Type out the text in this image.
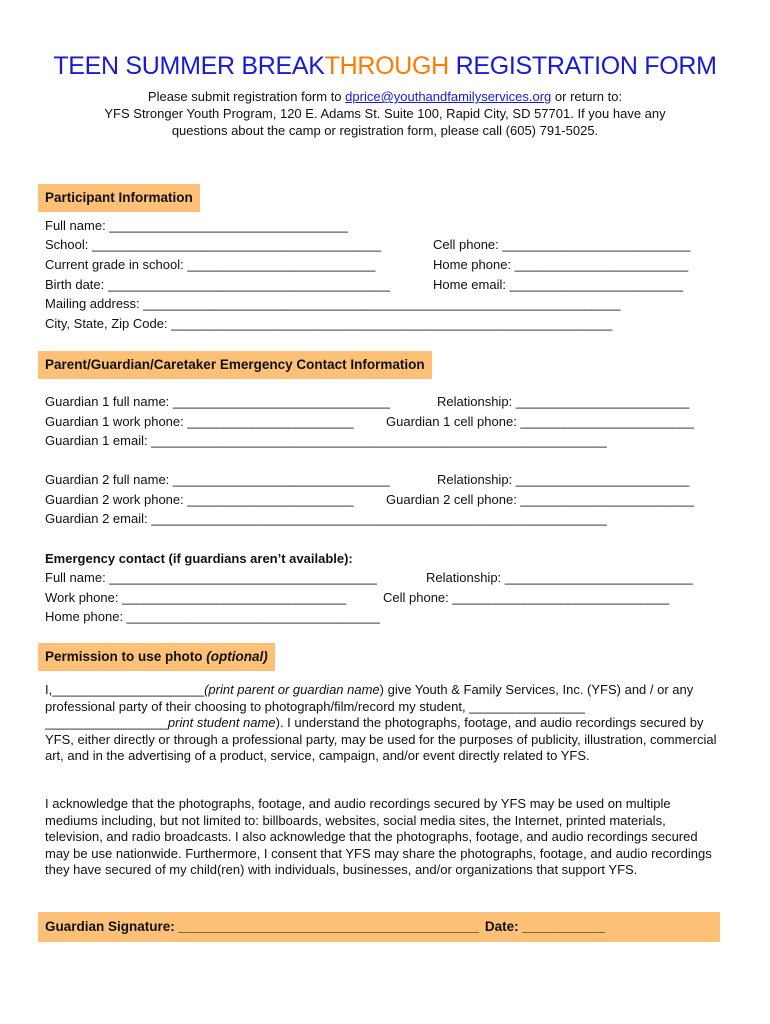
TEEN SUMMER BREAKTHROUGH REGISTRATION FORM
Please submit registration form to dprice@youthandfamilyservices.org or return to:
YFS Stronger Youth Program, 120 E. Adams St. Suite 100, Rapid City, SD 57701. If you have any
questions about the camp or registration form, please call (605) 791-5025.
Participant Information
Full name: _________________________________
School: ________________________________________	Cell phone: __________________________
Current grade in school: __________________________	Home phone: ________________________
Birth date: _______________________________________	Home email: ________________________
Mailing address: __________________________________________________________________
City, State, Zip Code: _____________________________________________________________
Parent/Guardian/Caretaker Emergency Contact Information
Guardian 1 full name: ______________________________	Relationship: ________________________
Guardian 1 work phone: _______________________ Guardian 1 cell phone: ________________________
Guardian 1 email: _______________________________________________________________
Guardian 2 full name: ______________________________	Relationship: ________________________
Guardian 2 work phone: _______________________ Guardian 2 cell phone: ________________________
Guardian 2 email: _______________________________________________________________
Emergency contact (if guardians aren’t available):
Full name: _____________________________________	Relationship: __________________________
Work phone: _______________________________	Cell phone: ______________________________
Home phone: ___________________________________
Permission to use photo (optional)
I,_____________________(print parent or guardian name) give Youth & Family Services, Inc. (YFS) and / or any professional party of their choosing to photograph/film/record my student, ________________ _________________print student name). I understand the photographs, footage, and audio recordings secured by YFS, either directly or through a professional party, may be used for the purposes of publicity, illustration, commercial art, and in the advertising of a product, service, campaign, and/or event directly related to YFS.
I acknowledge that the photographs, footage, and audio recordings secured by YFS may be used on multiple mediums including, but not limited to: billboards, websites, social media sites, the Internet, printed materials, television, and radio broadcasts. I also acknowledge that the photographs, footage, and audio recordings secured may be use nationwide. Furthermore, I consent that YFS may share the photographs, footage, and audio recordings they have secured of my child(ren) with individuals, businesses, and/or organizations that support YFS.
Guardian Signature: ________________________________________ Date: ___________
